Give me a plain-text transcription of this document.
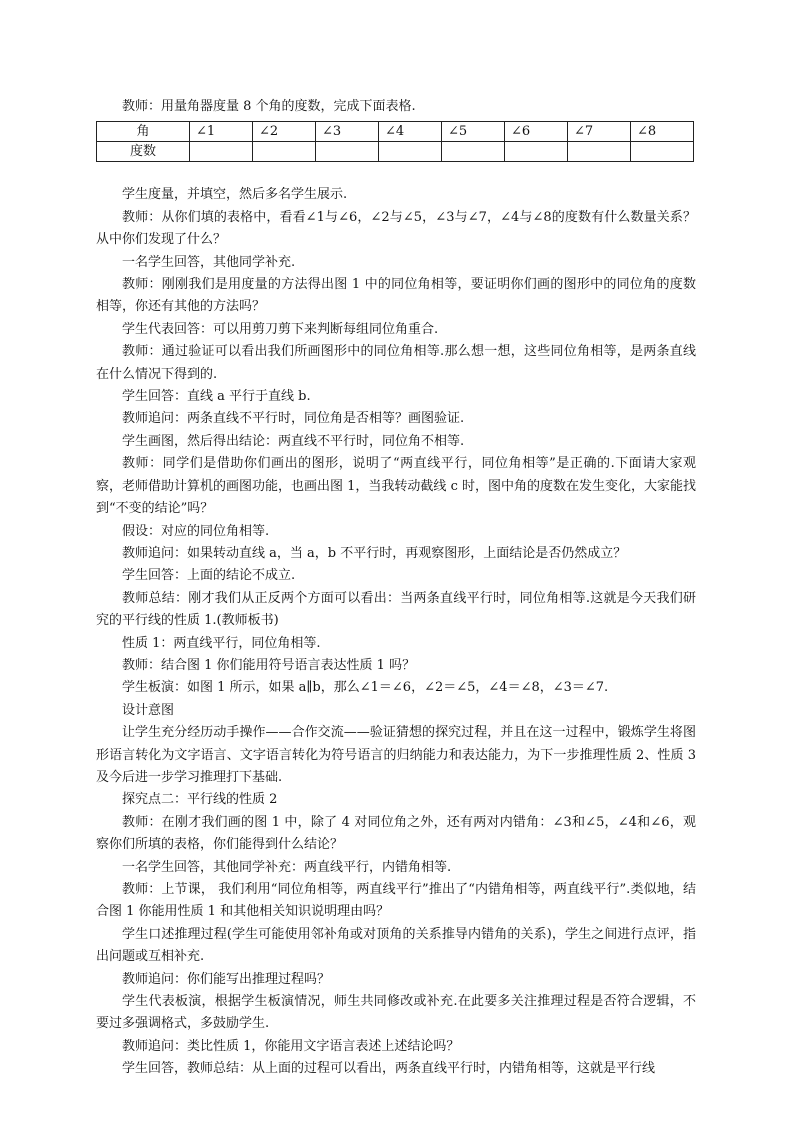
教师：用量角器度量 8 个角的度数，完成下面表格.

角	∠1	∠2	∠3	∠4	∠5	∠6	∠7	∠8
度数								

学生度量，并填空，然后多名学生展示.

教师：从你们填的表格中，看看∠1与∠6，∠2与∠5，∠3与∠7，∠4与∠8的度数有什么数量关系？从中你们发现了什么？

一名学生回答，其他同学补充.

教师：刚刚我们是用度量的方法得出图 1 中的同位角相等，要证明你们画的图形中的同位角的度数相等，你还有其他的方法吗？

学生代表回答：可以用剪刀剪下来判断每组同位角重合.

教师：通过验证可以看出我们所画图形中的同位角相等.那么想一想，这些同位角相等，是两条直线在什么情况下得到的.

学生回答：直线 a 平行于直线 b.

教师追问：两条直线不平行时，同位角是否相等？画图验证.

学生画图，然后得出结论：两直线不平行时，同位角不相等.

教师：同学们是借助你们画出的图形，说明了“两直线平行，同位角相等”是正确的.下面请大家观察，老师借助计算机的画图功能，也画出图 1，当我转动截线 c 时，图中角的度数在发生变化，大家能找到“不变的结论”吗？

假设：对应的同位角相等.

教师追问：如果转动直线 a，当 a，b 不平行时，再观察图形，上面结论是否仍然成立？

学生回答：上面的结论不成立.

教师总结：刚才我们从正反两个方面可以看出：当两条直线平行时，同位角相等.这就是今天我们研究的平行线的性质 1.(教师板书)

性质 1：两直线平行，同位角相等.

教师：结合图 1 你们能用符号语言表达性质 1 吗？

学生板演：如图 1 所示，如果 a∥b，那么∠1＝∠6，∠2＝∠5，∠4＝∠8，∠3＝∠7.

设计意图

让学生充分经历动手操作——合作交流——验证猜想的探究过程，并且在这一过程中，锻炼学生将图形语言转化为文字语言、文字语言转化为符号语言的归纳能力和表达能力，为下一步推理性质 2、性质 3 及今后进一步学习推理打下基础.

探究点二：平行线的性质 2

教师：在刚才我们画的图 1 中，除了 4 对同位角之外，还有两对内错角：∠3和∠5，∠4和∠6，观察你们所填的表格，你们能得到什么结论？

一名学生回答，其他同学补充：两直线平行，内错角相等.

教师：上节课， 我们利用“同位角相等，两直线平行”推出了“内错角相等，两直线平行”.类似地，结合图 1 你能用性质 1 和其他相关知识说明理由吗？

学生口述推理过程(学生可能使用邻补角或对顶角的关系推导内错角的关系)，学生之间进行点评，指出问题或互相补充.

教师追问：你们能写出推理过程吗？

学生代表板演，根据学生板演情况，师生共同修改或补充.在此要多关注推理过程是否符合逻辑，不要过多强调格式，多鼓励学生.

教师追问：类比性质 1，你能用文字语言表述上述结论吗？

学生回答，教师总结：从上面的过程可以看出，两条直线平行时，内错角相等，这就是平行线
